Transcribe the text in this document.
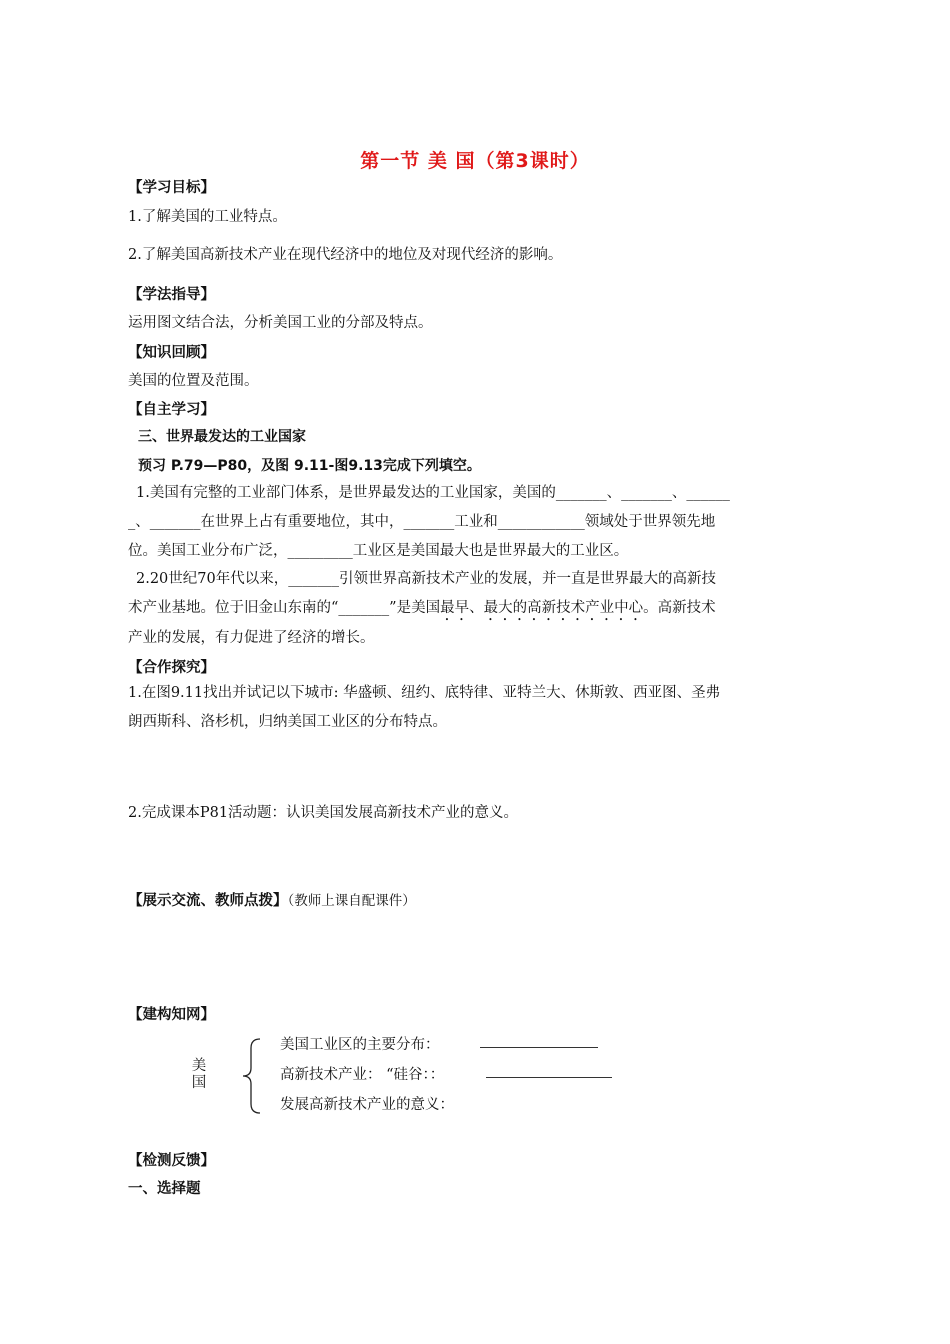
第一节 美 国（第3课时）
【学习目标】
1.了解美国的工业特点。
2.了解美国高新技术产业在现代经济中的地位及对现代经济的影响。
【学法指导】
运用图文结合法，分析美国工业的分部及特点。
【知识回顾】
美国的位置及范围。
【自主学习】
三、世界最发达的工业国家
预习 P.79—P80，及图 9.11-图9.13完成下列填空。
1.美国有完整的工业部门体系，是世界最发达的工业国家，美国的_______、_______、______
_、_______在世界上占有重要地位，其中，_______工业和____________领域处于世界领先地
位。美国工业分布广泛，_________工业区是美国最大也是世界最大的工业区。
2.20世纪70年代以来，_______引领世界高新技术产业的发展，并一直是世界最大的高新技
术产业基地。位于旧金山东南的“_______”是美国最早、最大的高新技术产业中心。高新技术
产业的发展，有力促进了经济的增长。
【合作探究】
1.在图9.11找出并试记以下城市: 华盛顿、纽约、底特律、亚特兰大、休斯敦、西亚图、圣弗
朗西斯科、洛杉机，归纳美国工业区的分布特点。
2.完成课本P81活动题：认识美国发展高新技术产业的意义。
【展示交流、教师点拨】（教师上课自配课件）
【建构知网】
美国
美国工业区的主要分布：
高新技术产业： “硅谷：：
发展高新技术产业的意义：
【检测反馈】
一、选择题
